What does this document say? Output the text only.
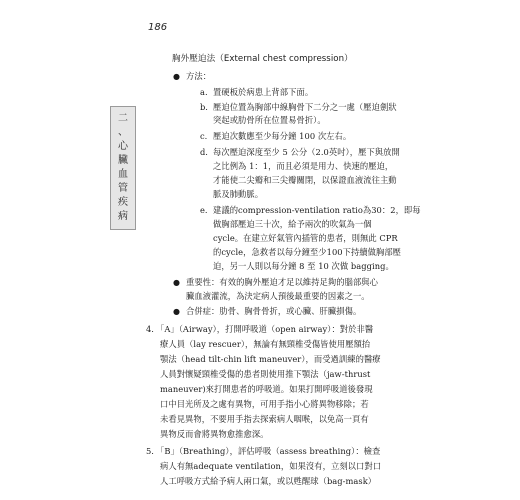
186
二
、
心
臟
血
管
疾
病
胸外壓迫法（External chest compression）
● 方法：
a. 置硬板於病患上背部下面。
b. 壓迫位置為胸部中線胸骨下二分之一處（壓迫劍狀
突起或肋骨所在位置易骨折）。
c. 壓迫次數應至少每分鐘 100 次左右。
d. 每次壓迫深度至少 5 公分（2.0英吋），壓下與放開
之比例為 1：1，而且必須是用力、快速的壓迫，
才能使二尖瓣和三尖瓣關閉，以保證血液流往主動
脈及肺動脈。
e. 建議的compression-ventilation ratio為30：2，即每
做胸部壓迫三十次，給予兩次的吹氣為一個
cycle。在建立好氣管內插管的患者，則無此 CPR
的cycle，急救者以每分鐘至少100下持續做胸部壓
迫，另一人則以每分鐘 8 至 10 次做 bagging。
● 重要性：有效的胸外壓迫才足以維持足夠的腦部與心
臟血液灌流，為決定病人預後最重要的因素之一。
● 合併症：肋骨、胸骨骨折，或心臟、肝臟損傷。
4. 「A」（Airway），打開呼吸道（open airway）：對於非醫
療人員（lay rescuer），無論有無頸椎受傷皆使用壓額抬
顎法（head tilt-chin lift maneuver），而受過訓練的醫療
人員對懷疑頸椎受傷的患者則使用推下顎法（jaw-thrust
maneuver)來打開患者的呼吸道。如果打開呼吸道後發現
口中目光所及之處有異物，可用手指小心將異物移除；若
未看見異物，不要用手指去探索病人咽喉，以免高一頁有
異物反而會將異物愈推愈深。
5. 「B」（Breathing），評估呼吸（assess breathing）：檢查
病人有無adequate ventilation，如果沒有，立刻以口對口
人工呼吸方式給予病人兩口氣，或以甦醒球（bag-mask）
